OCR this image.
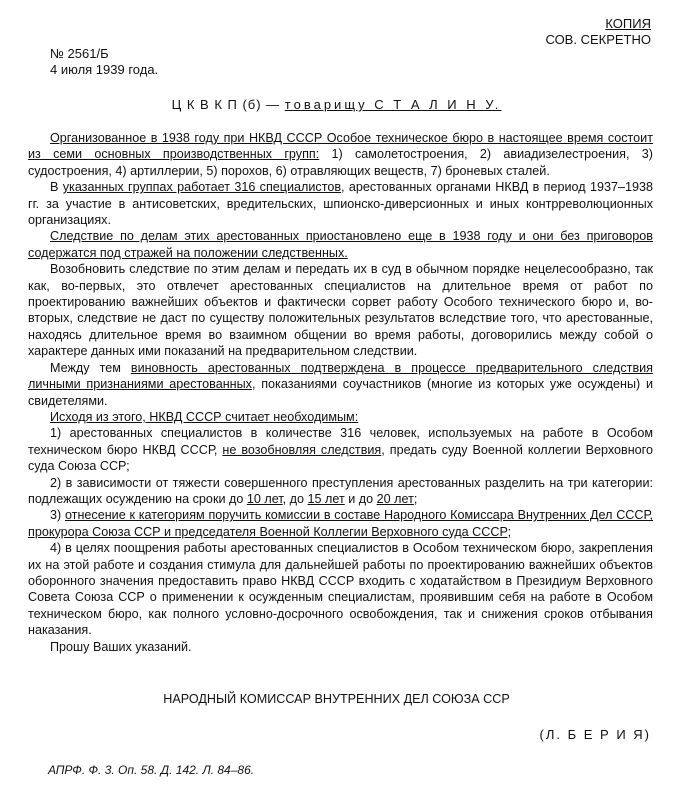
КОПИЯ
СОВ. СЕКРЕТНО
№ 2561/Б
4 июля 1939 года.
Ц К В К П (б) — товарищу С Т А Л И Н У.

Организованное в 1938 году при НКВД СССР Особое техническое бюро в настоящее время состоит из семи основных производственных групп: 1) самолетостроения, 2) авиадизелестроения, 3) судостроения, 4) артиллерии, 5) порохов, 6) отравляющих веществ, 7) броневых сталей.

В указанных группах работает 316 специалистов, арестованных органами НКВД в период 1937–1938 гг. за участие в антисоветских, вредительских, шпионско-диверсионных и иных контрреволюционных организациях.

Следствие по делам этих арестованных приостановлено еще в 1938 году и они без приговоров содержатся под стражей на положении следственных.

Возобновить следствие по этим делам и передать их в суд в обычном порядке нецелесообразно, так как, во-первых, это отвлечет арестованных специалистов на длительное время от работ по проектированию важнейших объектов и фактически сорвет работу Особого технического бюро и, во-вторых, следствие не даст по существу положительных результатов вследствие того, что арестованные, находясь длительное время во взаимном общении во время работы, договорились между собой о характере данных ими показаний на предварительном следствии.

Между тем виновность арестованных подтверждена в процессе предварительного следствия личными признаниями арестованных, показаниями соучастников (многие из которых уже осуждены) и свидетелями.

Исходя из этого, НКВД СССР считает необходимым:

1) арестованных специалистов в количестве 316 человек, используемых на работе в Особом техническом бюро НКВД СССР, не возобновляя следствия, предать суду Военной коллегии Верховного суда Союза ССР;

2) в зависимости от тяжести совершенного преступления арестованных разделить на три категории: подлежащих осуждению на сроки до 10 лет, до 15 лет и до 20 лет;

3) отнесение к категориям поручить комиссии в составе Народного Комиссара Внутренних Дел СССР, прокурора Союза ССР и председателя Военной Коллегии Верховного суда СССР;

4) в целях поощрения работы арестованных специалистов в Особом техническом бюро, закрепления их на этой работе и создания стимула для дальнейшей работы по проектированию важнейших объектов оборонного значения предоставить право НКВД СССР входить с ходатайством в Президиум Верховного Совета Союза ССР о применении к осужденным специалистам, проявившим себя на работе в Особом техническом бюро, как полного условно-досрочного освобождения, так и снижения сроков отбывания наказания.

Прошу Ваших указаний.

НАРОДНЫЙ КОМИССАР ВНУТРЕННИХ ДЕЛ СОЮЗА ССР
(Л. Б Е Р И Я)
АПРФ. Ф. 3. Оп. 58. Д. 142. Л. 84–86.
